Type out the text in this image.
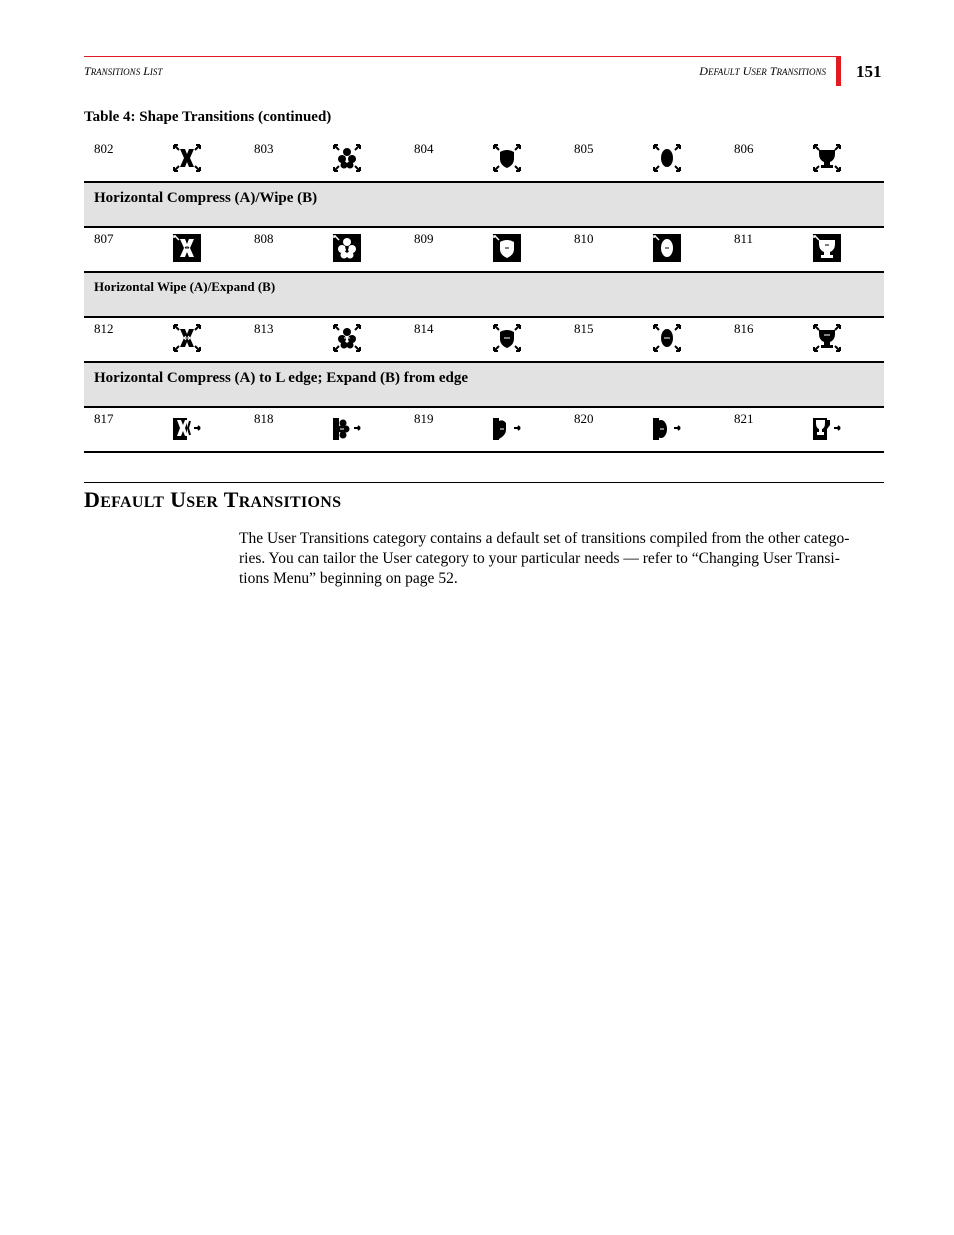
TRANSITIONS LIST	DEFAULT USER TRANSITIONS 151
Table 4: Shape Transitions (continued)
802	803	804	805	806
Horizontal Compress (A)/Wipe (B)
807	808	809	810	811
Horizontal Wipe (A)/Expand (B)
812	813	814	815	816
Horizontal Compress (A) to L edge; Expand (B) from edge
817	818	819	820	821
DEFAULT USER TRANSITIONS
The User Transitions category contains a default set of transitions compiled from the other catego-
ries. You can tailor the User category to your particular needs — refer to “Changing User Transi-
tions Menu” beginning on page 52.
